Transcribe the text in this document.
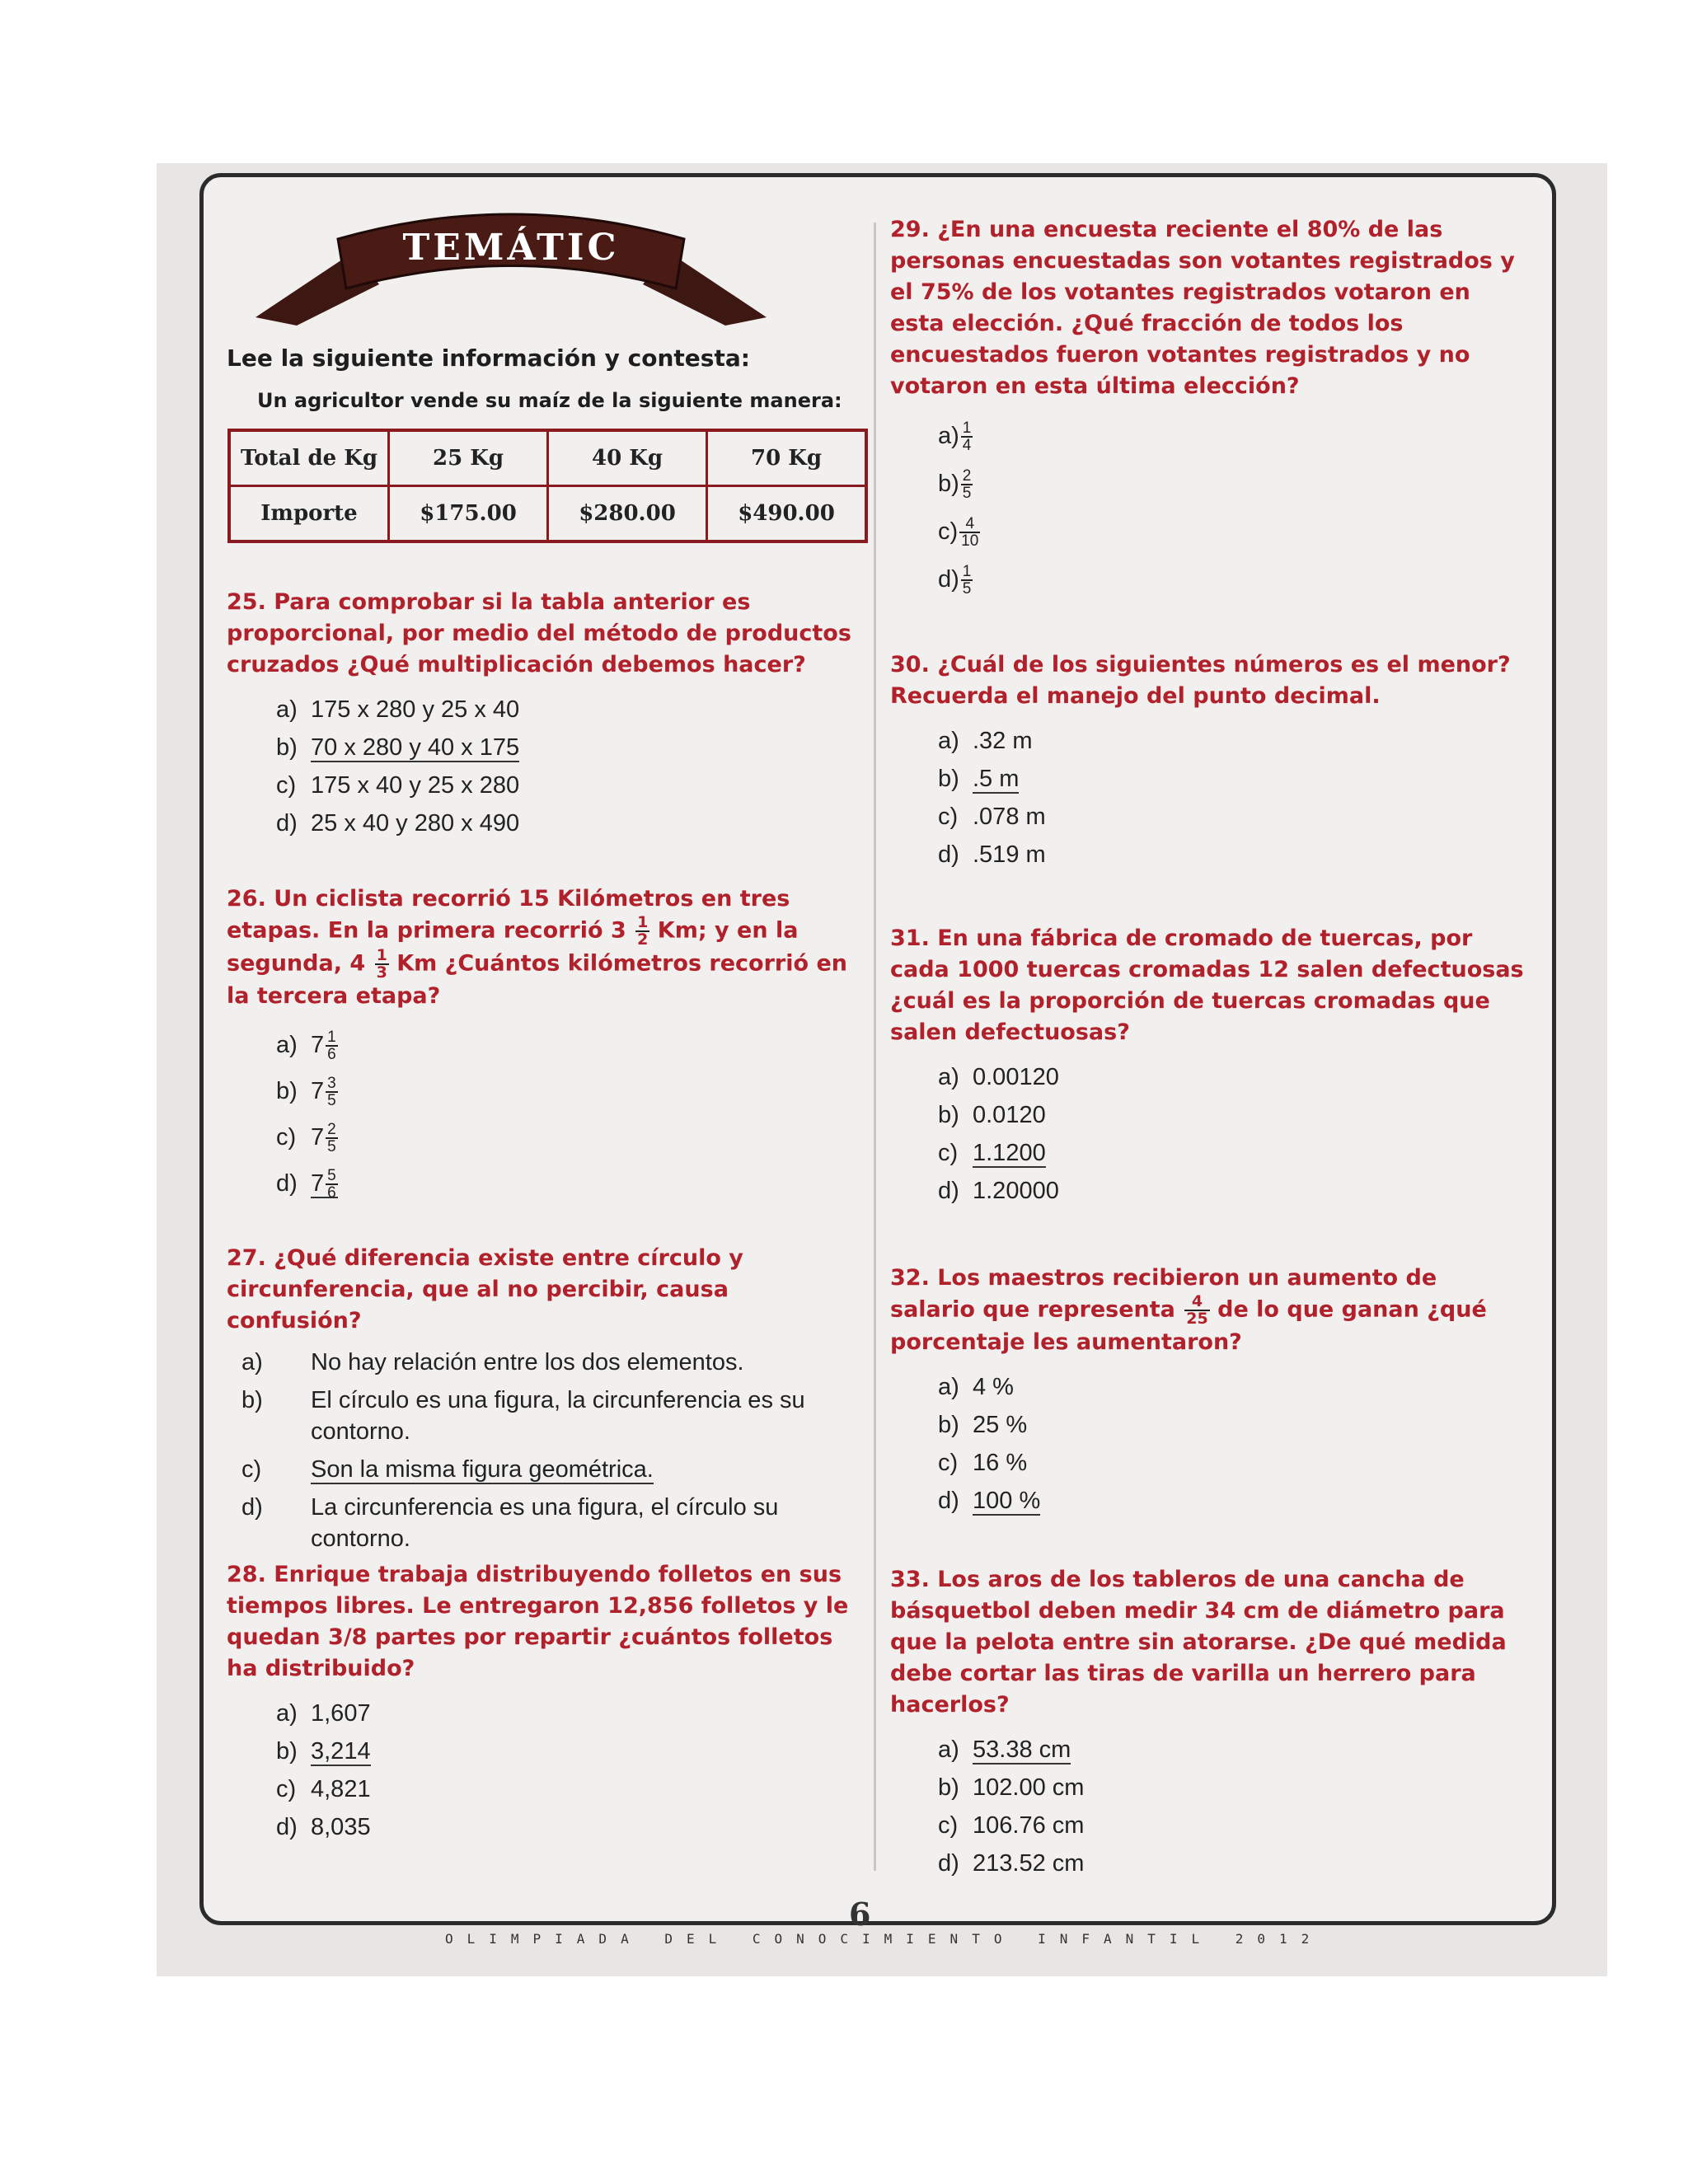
TEMÁTIC
Lee la siguiente información y contesta:
Un agricultor vende su maíz de la siguiente manera:
Total de Kg	25 Kg	40 Kg	70 Kg
Importe	$175.00	$280.00	$490.00

25. Para comprobar si la tabla anterior es proporcional, por medio del método de productos cruzados ¿Qué multiplicación debemos hacer?

a) 175 x 280 y 25 x 40
b) 70 x 280 y 40 x 175
c) 175 x 40 y 25 x 280
d) 25 x 40 y 280 x 490

26. Un ciclista recorrió 15 Kilómetros en tres etapas. En la primera recorrió $3 \frac{1}{2} Km$; y en la segunda, $4 \frac{1}{3}$ Km ¿Cuántos kilómetros recorrió en la tercera etapa?

a) $7 \frac{1}{6}$
b) $7 \frac{3}{5}$
c) $7 \frac{2}{5}$
d) $7 \frac{5}{6}$

27. ¿Qué diferencia existe entre círculo y circunferencia, que al no percibir, causa confusión?

a) No hay relación entre los dos elementos.
b) El círculo es una figura, la circunferencia es su contorno.
c) Son la misma figura geométrica.
d) La circunferencia es una figura, el círculo su contorno.

28. Enrique trabaja distribuyendo folletos en sus tiempos libres. Le entregaron 12,856 folletos y le quedan 3/8 partes por repartir ¿cuántos folletos ha distribuido?

a) 1,607
b) 3,214
c) 4,821
d) 8,035

29. ¿En una encuesta reciente el 80% de las personas encuestadas son votantes registrados y el 75% de los votantes registrados votaron en esta elección. ¿Qué fracción de todos los encuestados fueron votantes registrados y no votaron en esta última elección?

$a) \frac{1}{4}$
$b) \frac{2}{5}$
$c) \frac{4}{10}$
$d) \frac{1}{5}$

30. ¿Cuál de los siguientes números es el menor? Recuerda el manejo del punto decimal.

a) .32 m
b) .5 m
c) .078 m
d) .519 m

31. En una fábrica de cromado de tuercas, por cada 1000 tuercas cromadas 12 salen defectuosas ¿cuál es la proporción de tuercas cromadas que salen defectuosas?

a) 0.00120
b) 0.0120
c) 1.1200
d) 1.20000

32. Los maestros recibieron un aumento de salario que representa $\frac{4}{25}$ de lo que ganan ¿qué porcentaje les aumentaron?

a) 4 %
b) 25 %
c) 16 %
d) 100 %

33. Los aros de los tableros de una cancha de básquetbol deben medir 34 cm de diámetro para que la pelota entre sin atorarse. ¿De qué medida debe cortar las tiras de varilla un herrero para hacerlos?

a) 53.38 cm
b) 102.00 cm
c) 106.76 cm
d) 213.52 cm
6
OLIMPIADA DEL CONOCIMIENTO INFANTIL 2012
